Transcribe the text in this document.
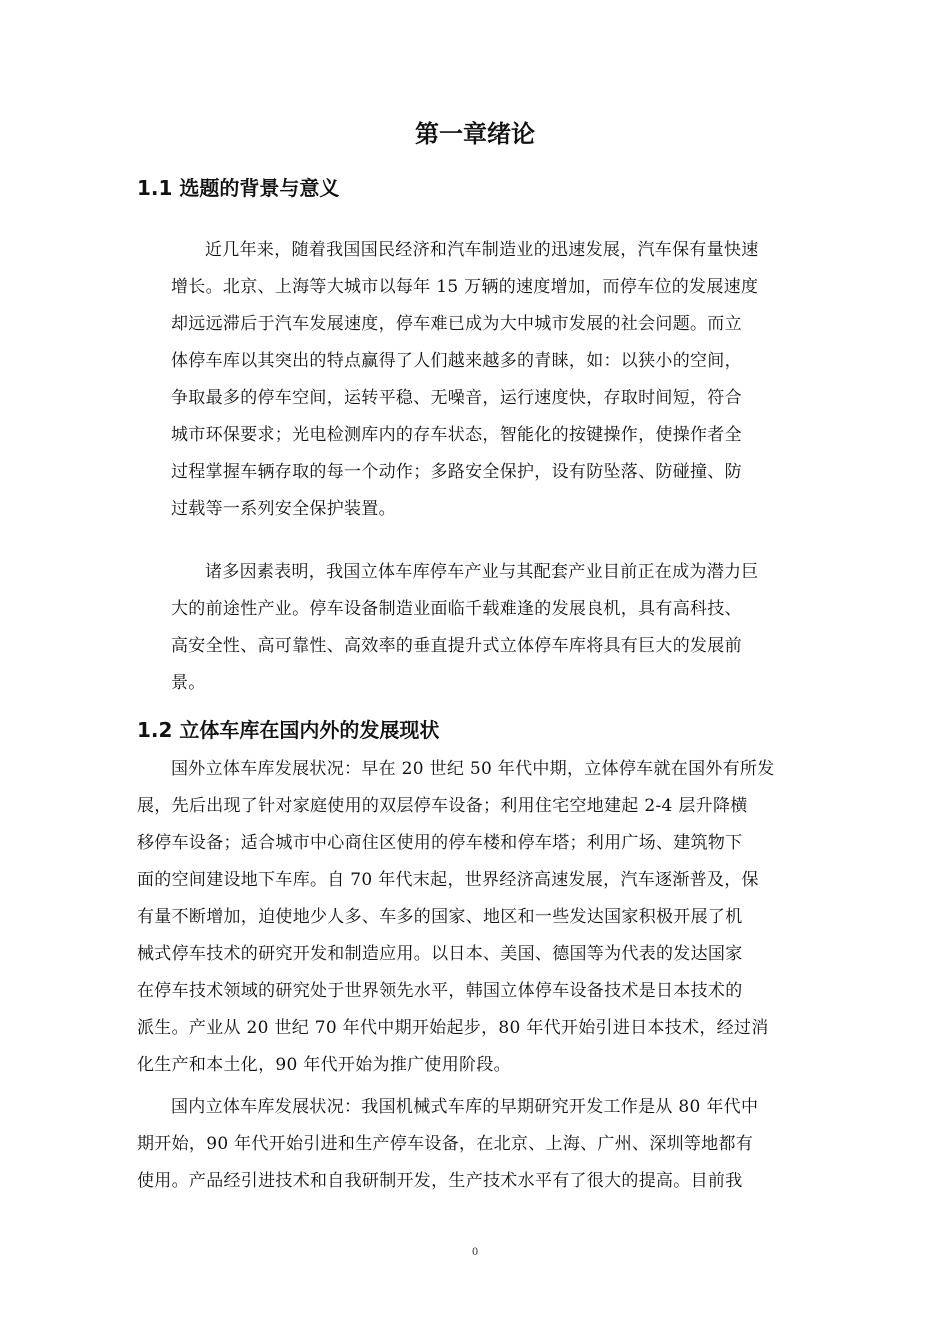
第一章绪论
1.1 选题的背景与意义
近几年来，随着我国国民经济和汽车制造业的迅速发展，汽车保有量快速
增长。北京、上海等大城市以每年 15 万辆的速度增加，而停车位的发展速度
却远远滞后于汽车发展速度，停车难已成为大中城市发展的社会问题。而立
体停车库以其突出的特点赢得了人们越来越多的青睐，如：以狭小的空间，
争取最多的停车空间，运转平稳、无噪音，运行速度快，存取时间短，符合
城市环保要求；光电检测库内的存车状态，智能化的按键操作，使操作者全
过程掌握车辆存取的每一个动作；多路安全保护，设有防坠落、防碰撞、防
过载等一系列安全保护装置。
诸多因素表明，我国立体车库停车产业与其配套产业目前正在成为潜力巨
大的前途性产业。停车设备制造业面临千载难逢的发展良机，具有高科技、
高安全性、高可靠性、高效率的垂直提升式立体停车库将具有巨大的发展前
景。
1.2 立体车库在国内外的发展现状
国外立体车库发展状况：早在 20 世纪 50 年代中期，立体停车就在国外有所发
展，先后出现了针对家庭使用的双层停车设备；利用住宅空地建起 2-4 层升降横
移停车设备；适合城市中心商住区使用的停车楼和停车塔；利用广场、建筑物下
面的空间建设地下车库。自 70 年代末起，世界经济高速发展，汽车逐渐普及，保
有量不断增加，迫使地少人多、车多的国家、地区和一些发达国家积极开展了机
械式停车技术的研究开发和制造应用。以日本、美国、德国等为代表的发达国家
在停车技术领域的研究处于世界领先水平，韩国立体停车设备技术是日本技术的
派生。产业从 20 世纪 70 年代中期开始起步，80 年代开始引进日本技术，经过消
化生产和本土化，90 年代开始为推广使用阶段。
国内立体车库发展状况：我国机械式车库的早期研究开发工作是从 80 年代中
期开始，90 年代开始引进和生产停车设备，在北京、上海、广州、深圳等地都有
使用。产品经引进技术和自我研制开发，生产技术水平有了很大的提高。目前我
0
